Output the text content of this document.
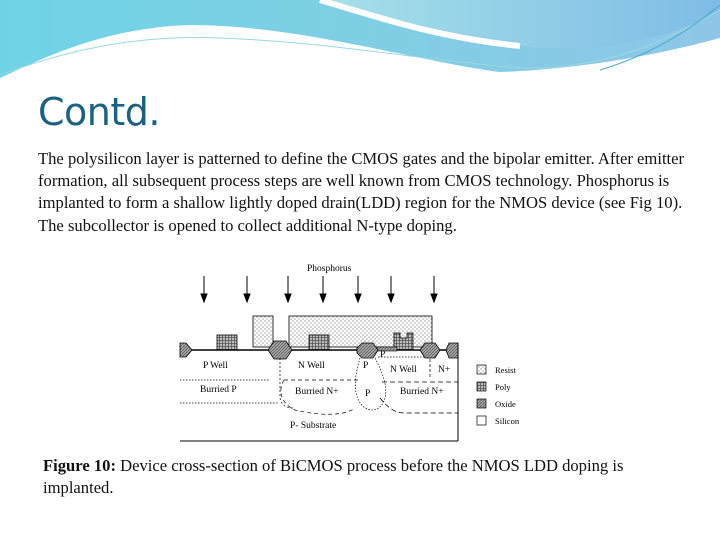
Contd.

The polysilicon layer is patterned to define the CMOS gates and the bipolar emitter. After emitter formation, all subsequent process steps are well known from CMOS technology. Phosphorus is implanted to form a shallow lightly doped drain(LDD) region for the NMOS device (see Fig 10). The subcollector is opened to collect additional N-type doping.

Phosphorus
P Well	N Well	P
P
N Well N+
Burried P	Burried N+	P	Burried N+
P- Substrate
Resist
Poly
Oxide
Silicon

Figure 10: Device cross-section of BiCMOS process before the NMOS LDD doping is implanted.
